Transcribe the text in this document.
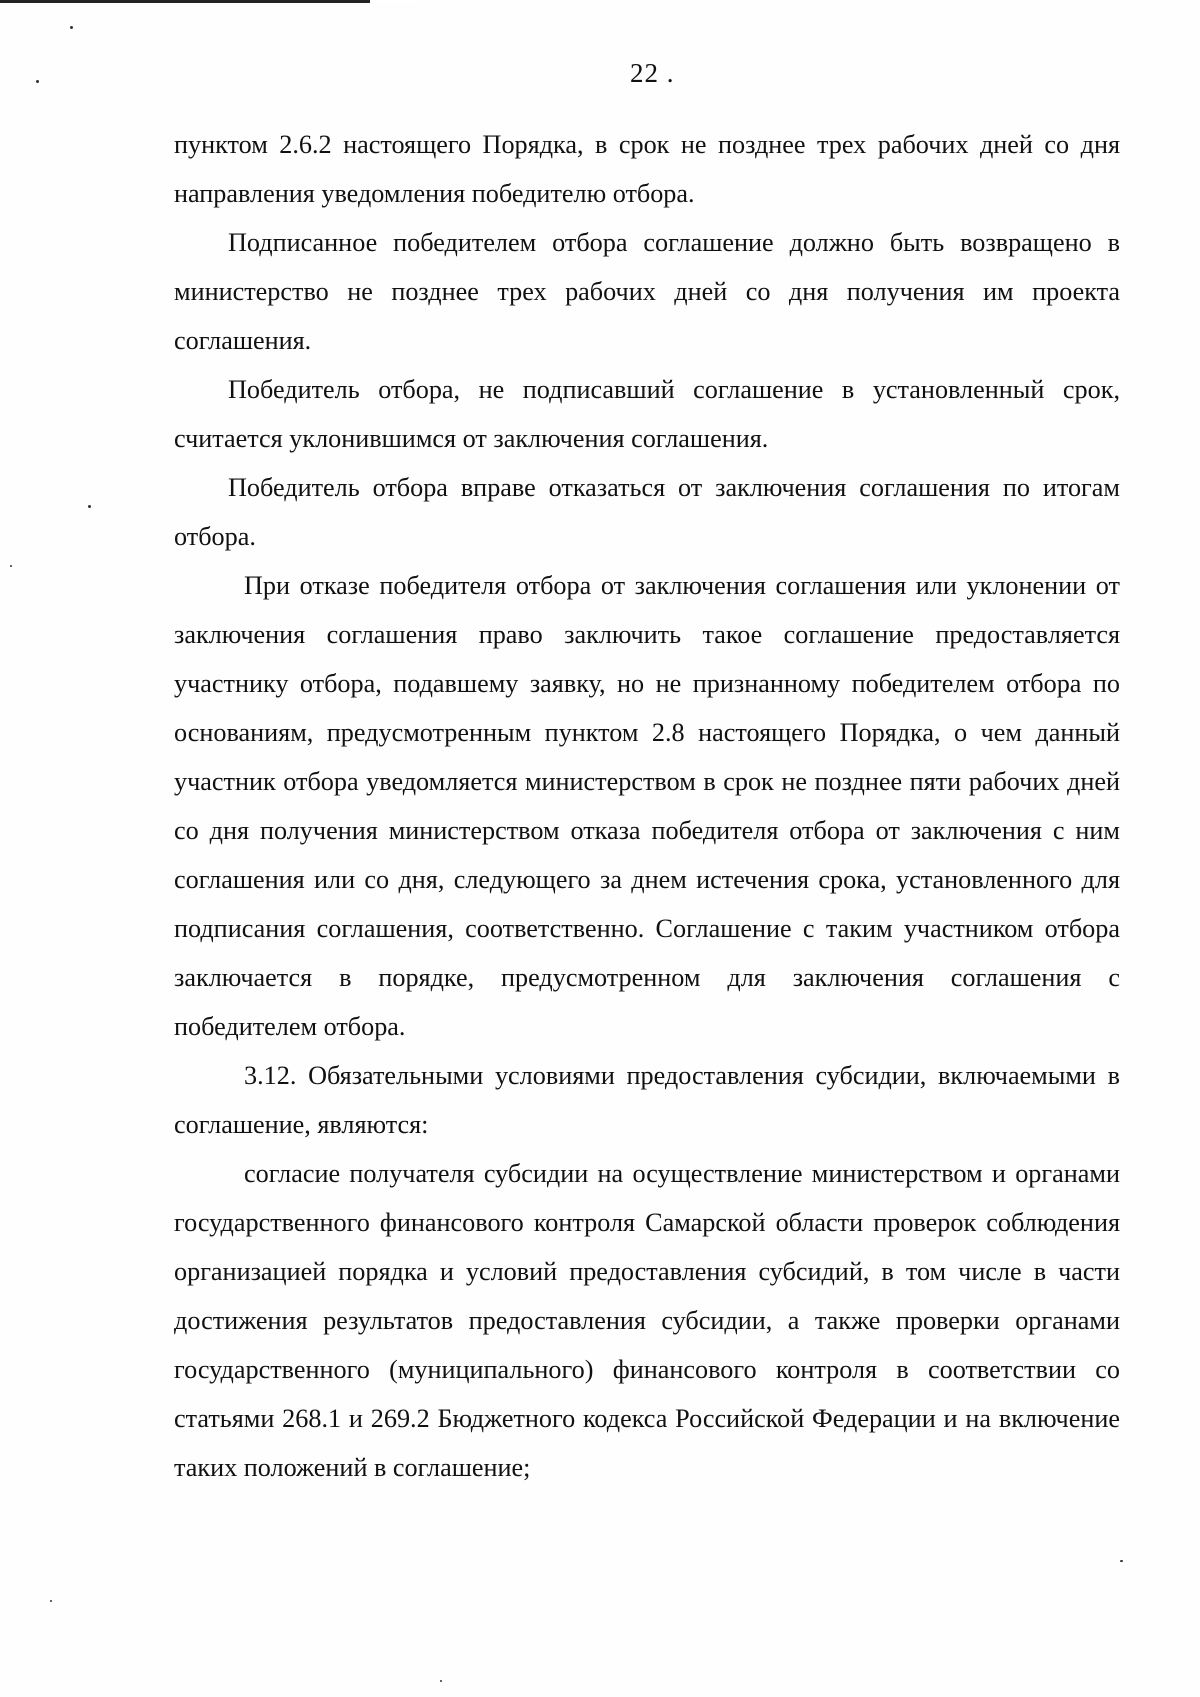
22 .

пунктом 2.6.2 настоящего Порядка, в срок не позднее трех рабочих дней со дня направления уведомления победителю отбора.

Подписанное победителем отбора соглашение должно быть возвращено в министерство не позднее трех рабочих дней со дня получения им проекта соглашения.

Победитель отбора, не подписавший соглашение в установленный срок, считается уклонившимся от заключения соглашения.

Победитель отбора вправе отказаться от заключения соглашения по итогам отбора.

При отказе победителя отбора от заключения соглашения или уклонении от заключения соглашения право заключить такое соглашение предоставляется участнику отбора, подавшему заявку, но не признанному победителем отбора по основаниям, предусмотренным пунктом 2.8 настоящего Порядка, о чем данный участник отбора уведомляется министерством в срок не позднее пяти рабочих дней со дня получения министерством отказа победителя отбора от заключения с ним соглашения или со дня, следующего за днем истечения срока, установленного для подписания соглашения, соответственно. Соглашение с таким участником отбора заключается в порядке, предусмотренном для заключения соглашения с победителем отбора.

3.12. Обязательными условиями предоставления субсидии, включаемыми в соглашение, являются:

согласие получателя субсидии на осуществление министерством и органами государственного финансового контроля Самарской области проверок соблюдения организацией порядка и условий предоставления субсидий, в том числе в части достижения результатов предоставления субсидии, а также проверки органами государственного (муниципального) финансового контроля в соответствии со статьями 268.1 и 269.2 Бюджетного кодекса Российской Федерации и на включение таких положений в соглашение;
